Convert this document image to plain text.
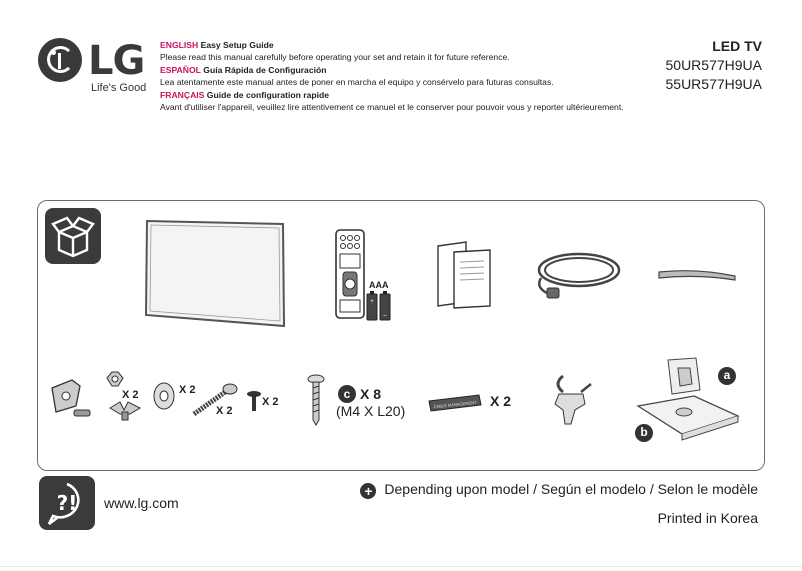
LG
Life's Good
ENGLISH Easy Setup Guide
Please read this manual carefully before operating your set and retain it for future reference.
ESPAÑOL Guía Rápida de Configuración
Lea atentamente este manual antes de poner en marcha el equipo y consérvelo para futuras consultas.
FRANÇAIS Guide de configuration rapide
Avant d'utiliser l'appareil, veuillez lire attentivement ce manuel et le conserver pour pouvoir vous y reporter ultérieurement.
LED TV
50UR577H9UA
55UR577H9UA
AAA
+
–
X 2	X 2
X 2
X 2
c X 8
(M4 X L20)	CABLE MANAGEMENT X 2
a
b
?! www.lg.com
+ Depending upon model / Según el modelo / Selon le modèle
Printed in Korea
